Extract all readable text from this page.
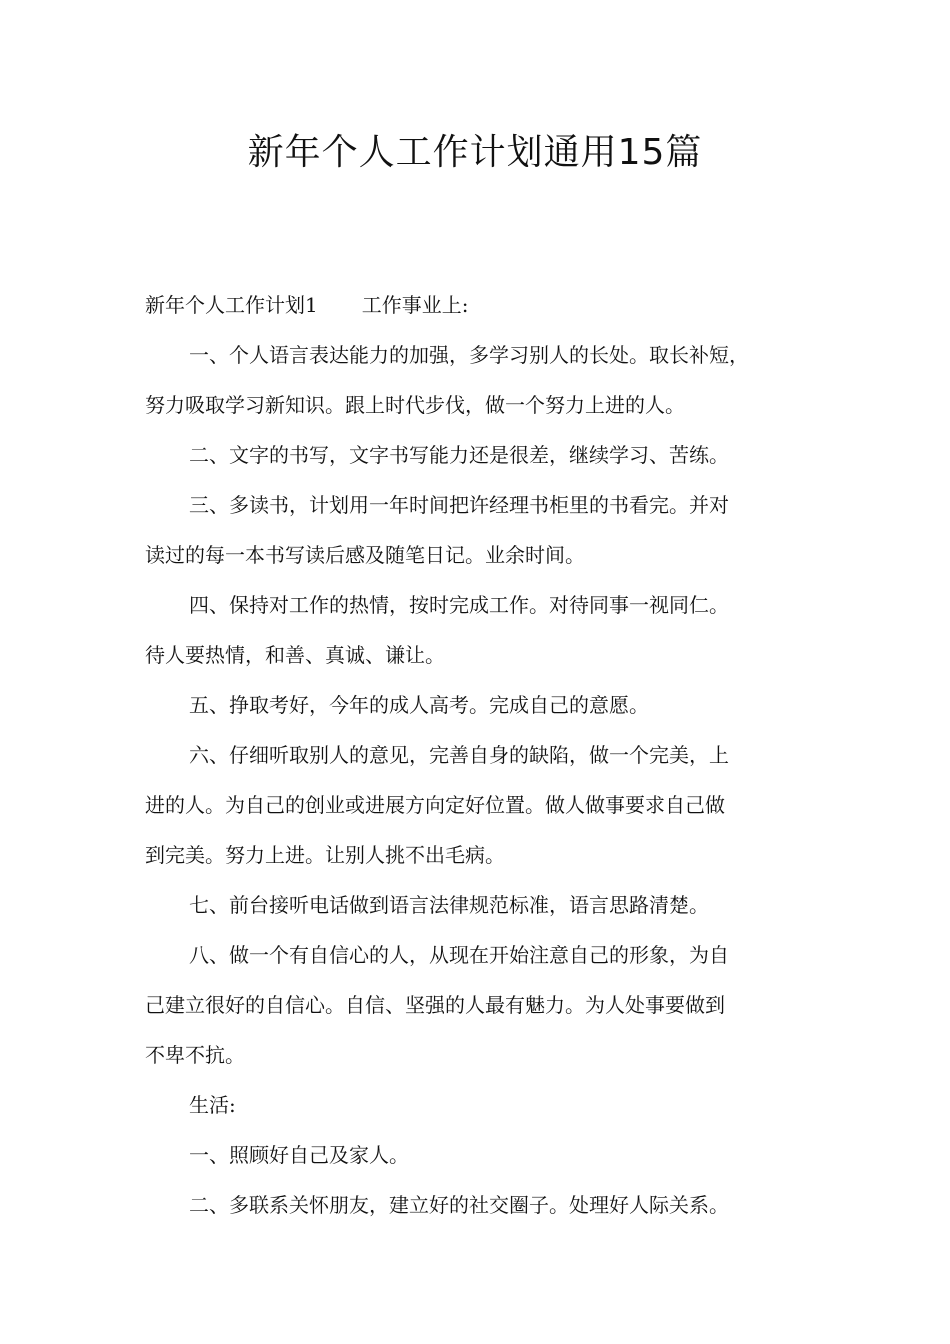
新年个人工作计划通用15篇
新年个人工作计划1 工作事业上:
一、个人语言表达能力的加强，多学习别人的长处。取长补短，
努力吸取学习新知识。跟上时代步伐，做一个努力上进的人。
二、文字的书写，文字书写能力还是很差，继续学习、苦练。
三、多读书，计划用一年时间把许经理书柜里的书看完。并对
读过的每一本书写读后感及随笔日记。业余时间。
四、保持对工作的热情，按时完成工作。对待同事一视同仁。
待人要热情，和善、真诚、谦让。
五、挣取考好，今年的成人高考。完成自己的意愿。
六、仔细听取别人的意见，完善自身的缺陷，做一个完美，上
进的人。为自己的创业或进展方向定好位置。做人做事要求自己做
到完美。努力上进。让别人挑不出毛病。
七、前台接听电话做到语言法律规范标准，语言思路清楚。
八、做一个有自信心的人，从现在开始注意自己的形象，为自
己建立很好的自信心。自信、坚强的人最有魅力。为人处事要做到
不卑不抗。
生活:
一、照顾好自己及家人。
二、多联系关怀朋友，建立好的社交圈子。处理好人际关系。
